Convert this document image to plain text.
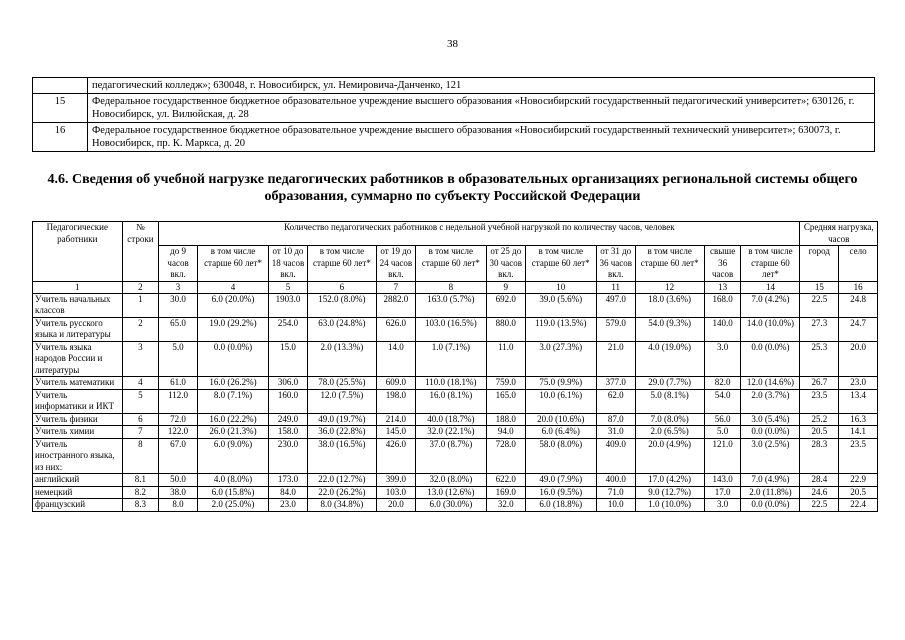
38
	педагогический колледж»; 630048, г. Новосибирск, ул. Немировича-Данченко, 121
15	Федеральное государственное бюджетное образовательное учреждение высшего образования «Новосибирский государственный педагогический университет»; 630126, г. Новосибирск, ул. Вилюйская, д. 28
16	Федеральное государственное бюджетное образовательное учреждение высшего образования «Новосибирский государственный технический университет»; 630073, г. Новосибирск, пр. К. Маркса, д. 20
4.6. Сведения об учебной нагрузке педагогических работников в образовательных организациях региональной системы общего образования, суммарно по субъекту Российской Федерации
Педагогические работники	№ строки	Количество педагогических работников с недельной учебной нагрузкой по количеству часов, человек												Средняя нагрузка, часов	
		до 9 часов вкл.	в том числе старше 60 лет*	от 10 до 18 часов вкл.	в том числе старше 60 лет*	от 19 до 24 часов вкл.	в том числе старше 60 лет*	от 25 до 30 часов вкл.	в том числе старше 60 лет*	от 31 до 36 часов вкл.	в том числе старше 60 лет*	свыше 36 часов	в том числе старше 60 лет*	город	село
1	2	3	4	5	6	7	8	9	10	11	12	13	14	15	16
Учитель начальных классов	1	30.0	6.0 (20.0%)	1903.0	152.0 (8.0%)	2882.0	163.0 (5.7%)	692.0	39.0 (5.6%)	497.0	18.0 (3.6%)	168.0	7.0 (4.2%)	22.5	24.8
Учитель русского языка и литературы	2	65.0	19.0 (29.2%)	254.0	63.0 (24.8%)	626.0	103.0 (16.5%)	880.0	119.0 (13.5%)	579.0	54.0 (9.3%)	140.0	14.0 (10.0%)	27.3	24.7
Учитель языка народов России и литературы	3	5.0	0.0 (0.0%)	15.0	2.0 (13.3%)	14.0	1.0 (7.1%)	11.0	3.0 (27.3%)	21.0	4.0 (19.0%)	3.0	0.0 (0.0%)	25.3	20.0
Учитель математики	4	61.0	16.0 (26.2%)	306.0	78.0 (25.5%)	609.0	110.0 (18.1%)	759.0	75.0 (9.9%)	377.0	29.0 (7.7%)	82.0	12.0 (14.6%)	26.7	23.0
Учитель информатики и ИКТ	5	112.0	8.0 (7.1%)	160.0	12.0 (7.5%)	198.0	16.0 (8.1%)	165.0	10.0 (6.1%)	62.0	5.0 (8.1%)	54.0	2.0 (3.7%)	23.5	13.4
Учитель физики	6	72.0	16.0 (22.2%)	249.0	49.0 (19.7%)	214.0	40.0 (18.7%)	188.0	20.0 (10.6%)	87.0	7.0 (8.0%)	56.0	3.0 (5.4%)	25.2	16.3
Учитель химии	7	122.0	26.0 (21.3%)	158.0	36.0 (22.8%)	145.0	32.0 (22.1%)	94.0	6.0 (6.4%)	31.0	2.0 (6.5%)	5.0	0.0 (0.0%)	20.5	14.1
Учитель иностранного языка, из них:	8	67.0	6.0 (9.0%)	230.0	38.0 (16.5%)	426.0	37.0 (8.7%)	728.0	58.0 (8.0%)	409.0	20.0 (4.9%)	121.0	3.0 (2.5%)	28.3	23.5
английский	8.1	50.0	4.0 (8.0%)	173.0	22.0 (12.7%)	399.0	32.0 (8.0%)	622.0	49.0 (7.9%)	400.0	17.0 (4.2%)	143.0	7.0 (4.9%)	28.4	22.9
немецкий	8.2	38.0	6.0 (15.8%)	84.0	22.0 (26.2%)	103.0	13.0 (12.6%)	169.0	16.0 (9.5%)	71.0	9.0 (12.7%)	17.0	2.0 (11.8%)	24.6	20.5
французский	8.3	8.0	2.0 (25.0%)	23.0	8.0 (34.8%)	20.0	6.0 (30.0%)	32.0	6.0 (18.8%)	10.0	1.0 (10.0%)	3.0	0.0 (0.0%)	22.5	22.4
